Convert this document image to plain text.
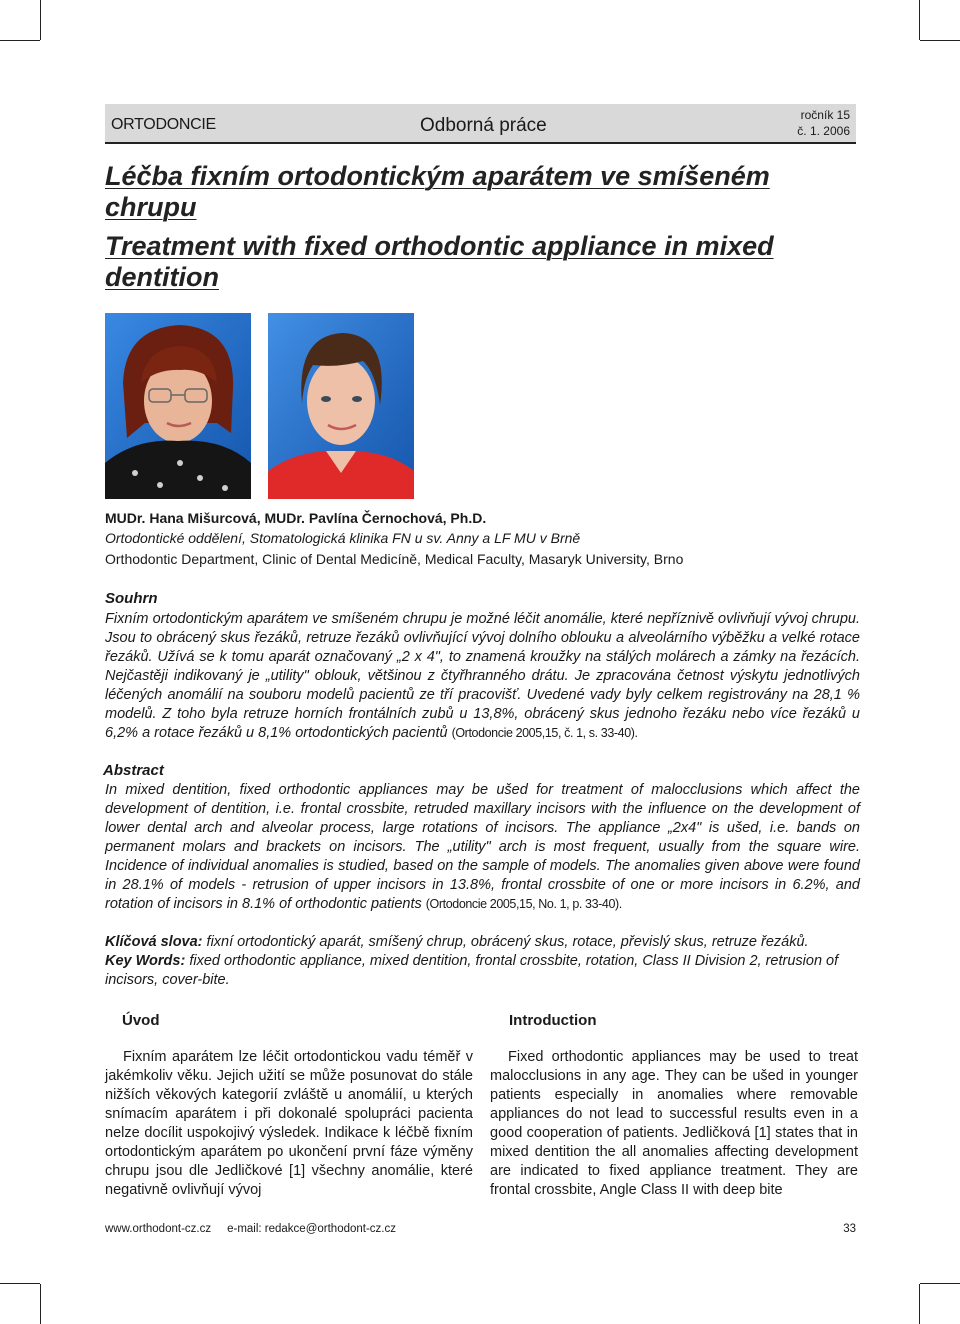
ORTODONCIE	Odborná práce	ročník 15
č. 1. 2006
Léčba fixním ortodontickým aparátem ve smíšeném chrupu
Treatment with fixed orthodontic appliance in mixed dentition

MUDr. Hana Mišurcová, MUDr. Pavlína Černochová, Ph.D.

Ortodontické oddělení, Stomatologická klinika FN u sv. Anny a LF MU v Brně

Orthodontic Department, Clinic of Dental Medicíně, Medical Faculty, Masaryk University, Brno

Souhrn

Fixním ortodontickým aparátem ve smíšeném chrupu je možné léčit anomálie, které nepříznivě ovlivňují vývoj chrupu. Jsou to obrácený skus řezáků, retruze řezáků ovlivňující vývoj dolního oblouku a alveolárního výběžku a velké rotace řezáků. Užívá se k tomu aparát označovaný „2 x 4", to znamená kroužky na stálých molárech a zámky na řezácích. Nejčastěji indikovaný je „utility" oblouk, většinou z čtyřhranného drátu. Je zpracována četnost výskytu jednotlivých léčených anomálií na souboru modelů pacientů ze tří pracovišť. Uvedené vady byly celkem registrovány na 28,1 % modelů. Z toho byla retruze horních frontálních zubů u 13,8%, obrácený skus jednoho řezáku nebo více řezáků u 6,2% a rotace řezáků u 8,1% ortodontických pacientů (Ortodoncie 2005,15, č. 1, s. 33-40).

Abstract

In mixed dentition, fixed orthodontic appliances may be ušed for treatment of malocclusions which affect the development of dentition, i.e. frontal crossbite, retruded maxillary incisors with the influence on the development of lower dental arch and alveolar process, large rotations of incisors. The appliance „2x4" is ušed, i.e. bands on permanent molars and brackets on incisors. The „utility" arch is most frequent, usually from the square wire. Incidence of individual anomalies is studied, based on the sample of models. The anomalies given above were found in 28.1% of models - retrusion of upper incisors in 13.8%, frontal crossbite of one or more incisors in 6.2%, and rotation of incisors in 8.1% of orthodontic patients (Ortodoncie 2005,15, No. 1, p. 33-40).

Klíčová slova: fixní ortodontický aparát, smíšený chrup, obrácený skus, rotace, převislý skus, retruze řezáků.

Key Words: fixed orthodontic appliance, mixed dentition, frontal crossbite, rotation, Class II Division 2, retrusion of incisors, cover-bite.

Úvod	Introduction

Fixním aparátem lze léčit ortodontickou vadu téměř v jakémkoliv věku. Jejich užití se může posunovat do stále nižších věkových kategorií zvláště u anomálií, u kterých snímacím aparátem i při dokonalé spolupráci pacienta nelze docílit uspokojivý výsledek. Indikace k léčbě fixním ortodontickým aparátem po ukončení první fáze výměny chrupu jsou dle Jedličkové [1] všechny anomálie, které negativně ovlivňují vývoj

Fixed orthodontic appliances may be used to treat malocclusions in any age. They can be ušed in younger patients especially in anomalies where removable appliances do not lead to successful results even in a good cooperation of patients. Jedličková [1] states that in mixed dentition the all anomalies affecting development are indicated to fixed appliance treatment. They are frontal crossbite, Angle Class II with deep bite

www.orthodont-cz.cz e-mail: redakce@orthodont-cz.cz	33
